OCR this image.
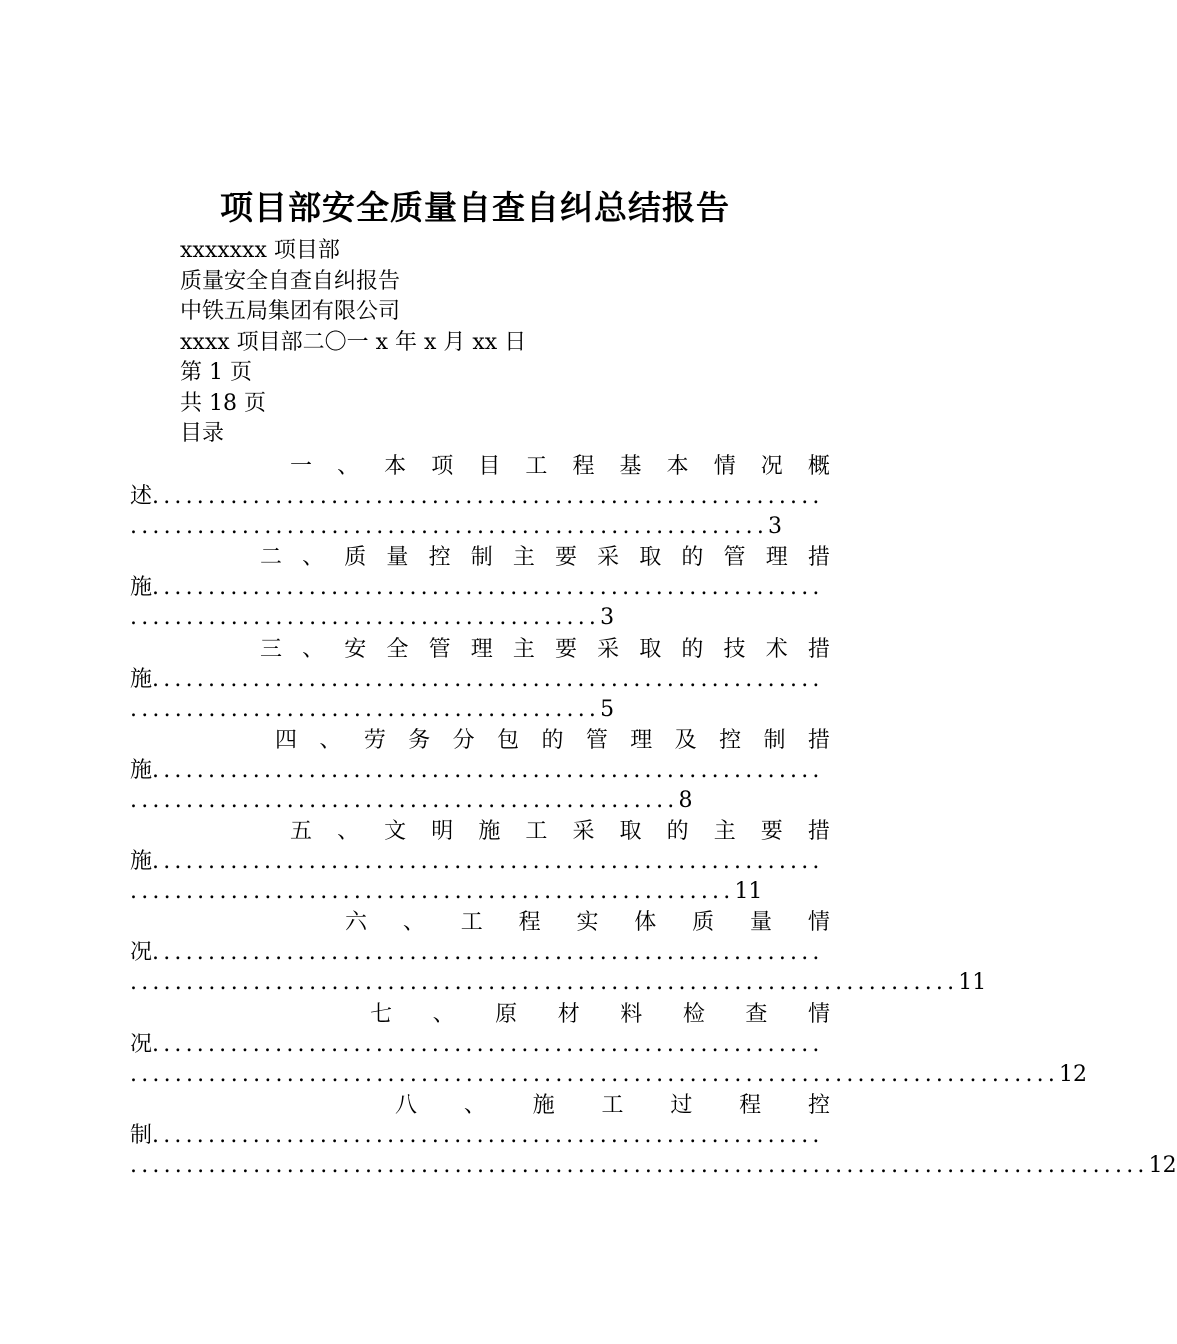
项目部安全质量自查自纠总结报告
xxxxxxx 项目部
质量安全自查自纠报告
中铁五局集团有限公司
xxxx 项目部二〇一 x 年 x 月 xx 日
第 1 页
共 18 页
目录
一 、 本 项 目 工 程 基 本 情 况 概
述............................................................
.........................................................3
二 、 质 量 控 制 主 要 采 取 的 管 理 措
施............................................................
..........................................3
三 、 安 全 管 理 主 要 采 取 的 技 术 措
施............................................................
..........................................5
四 、 劳 务 分 包 的 管 理 及 控 制 措
施............................................................
.................................................8
五 、 文 明 施 工 采 取 的 主 要 措
施............................................................
......................................................11
六 、 工 程 实 体 质 量 情
况............................................................
..........................................................................11
七 、 原 材 料 检 查 情
况............................................................
...................................................................................12
八 、 施 工 过 程 控
制............................................................
...........................................................................................12
